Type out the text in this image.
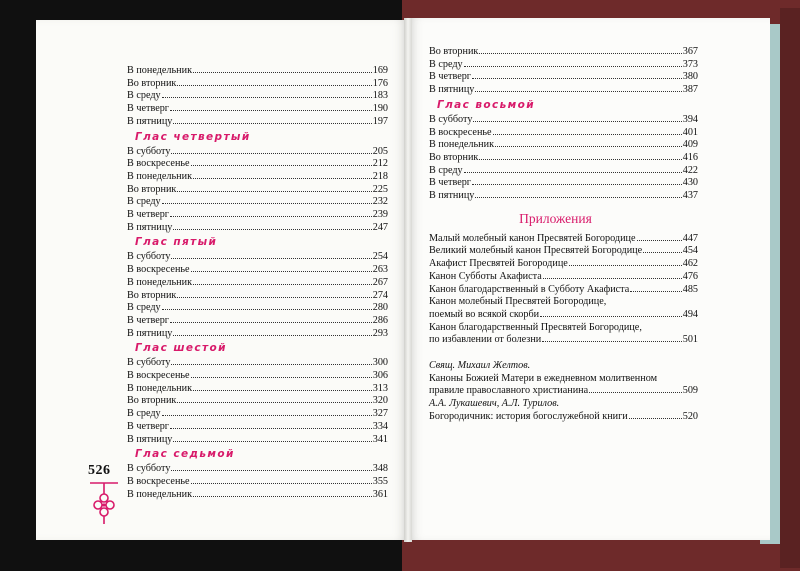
В понедельник	169
Во вторник	176
В среду	183
В четверг	190
В пятницу	197
Глас четвертый
В субботу	205
В воскресенье	212
В понедельник	218
Во вторник	225
В среду	232
В четверг	239
В пятницу	247
Глас пятый
В субботу	254
В воскресенье	263
В понедельник	267
Во вторник	274
В среду	280
В четверг	286
В пятницу	293
Глас шестой
В субботу	300
В воскресенье	306
В понедельник	313
Во вторник	320
В среду	327
В четверг	334
В пятницу	341
Глас седьмой
В субботу	348
В воскресенье	355
В понедельник	361
Во вторник	367
В среду	373
В четверг	380
В пятницу	387
Глас восьмой
В субботу	394
В воскресенье	401
В понедельник	409
Во вторник	416
В среду	422
В четверг	430
В пятницу	437
Приложения
Малый молебный канон Пресвятей Богородице	447
Великий молебный канон Пресвятей Богородице	454
Акафист Пресвятей Богородице	462
Канон Субботы Акафиста	476
Канон благодарственный в Субботу Акафиста	485
Канон молебный Пресвятей Богородице,
поемый во всякой скорби	494
Канон благодарственный Пресвятей Богородице,
по избавлении от болезни	501
Свящ. Михаил Желтов.
Каноны Божией Матери в ежедневном молитвенном
правиле православного христианина	509
А.А. Лукашевич, А.Л. Турилов.
Богородичник: история богослужебной книги	520
526
